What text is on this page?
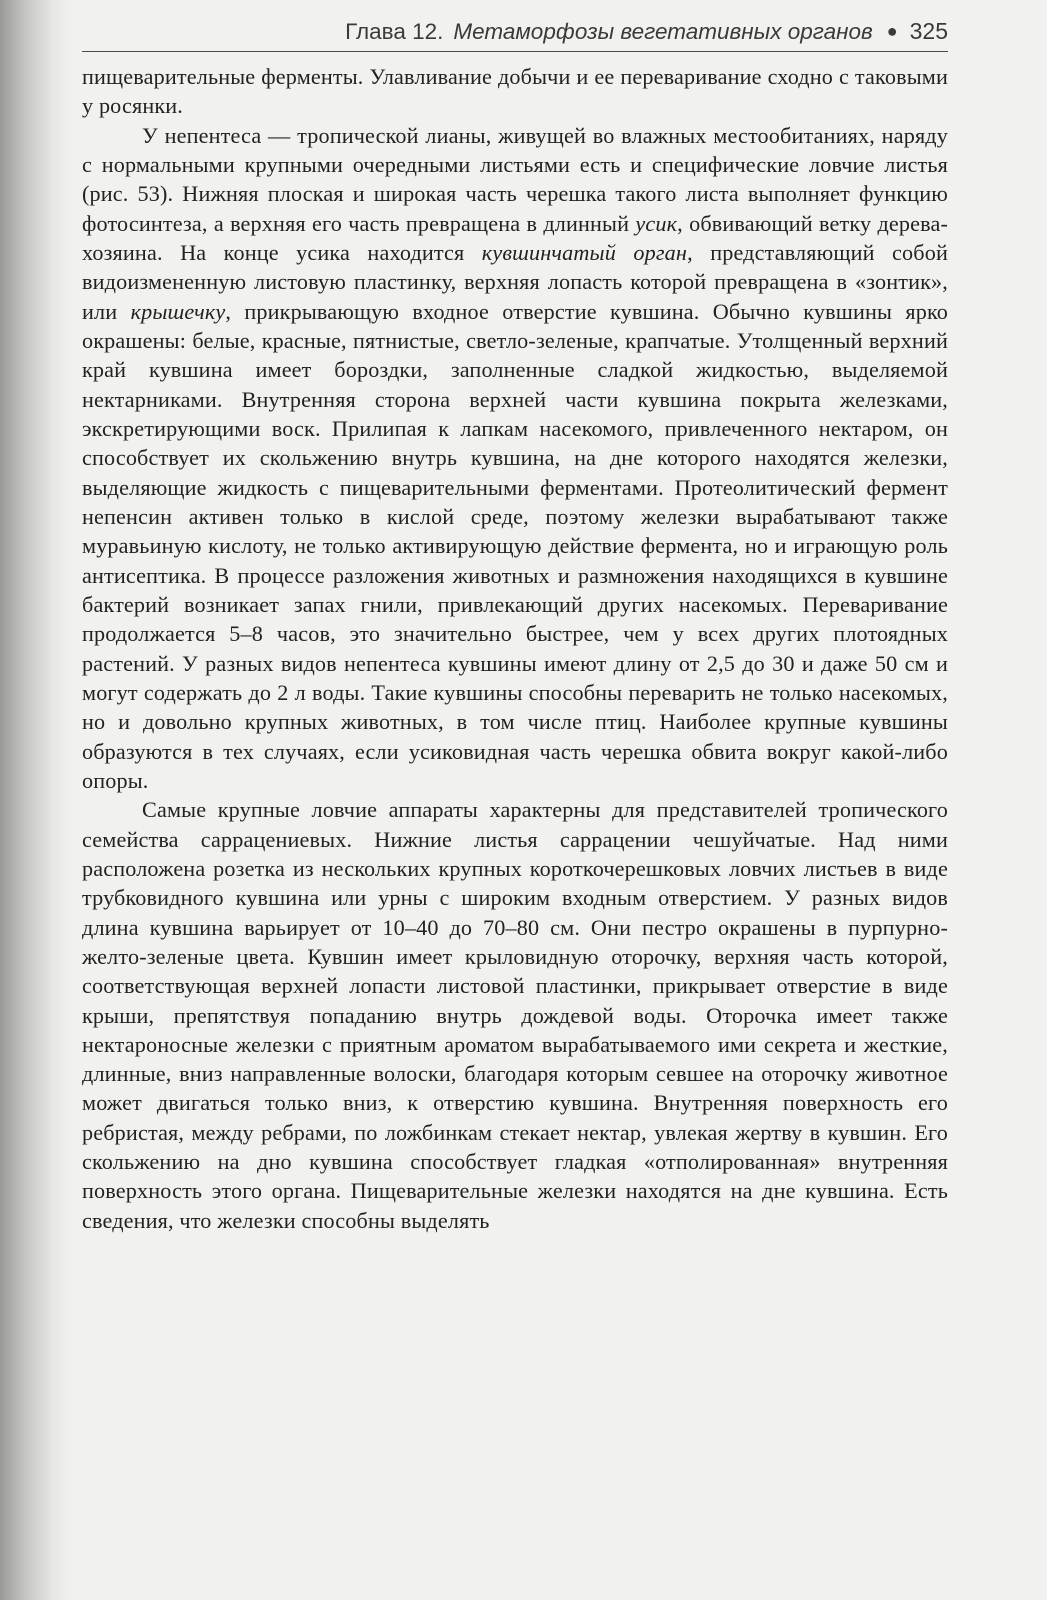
Глава 12. Метаморфозы вегетативных органов ● 325

пищеварительные ферменты. Улавливание добычи и ее переваривание сходно с таковыми у росянки.

У непентеса — тропической лианы, живущей во влажных местообитаниях, наряду с нормальными крупными очередными листьями есть и специфические ловчие листья (рис. 53). Нижняя плоская и широкая часть черешка такого листа выполняет функцию фотосинтеза, а верхняя его часть превращена в длинный усик, обвивающий ветку дерева-хозяина. На конце усика находится кувшинчатый орган, представляющий собой видоизмененную листовую пластинку, верхняя лопасть которой превращена в «зонтик», или крышечку, прикрывающую входное отверстие кувшина. Обычно кувшины ярко окрашены: белые, красные, пятнистые, светло-зеленые, крапчатые. Утолщенный верхний край кувшина имеет бороздки, заполненные сладкой жидкостью, выделяемой нектарниками. Внутренняя сторона верхней части кувшина покрыта железками, экскретирующими воск. Прилипая к лапкам насекомого, привлеченного нектаром, он способствует их скольжению внутрь кувшина, на дне которого находятся железки, выделяющие жидкость с пищеварительными ферментами. Протеолитический фермент непенсин активен только в кислой среде, поэтому железки вырабатывают также муравьиную кислоту, не только активирующую действие фермента, но и играющую роль антисептика. В процессе разложения животных и размножения находящихся в кувшине бактерий возникает запах гнили, привлекающий других насекомых. Переваривание продолжается 5–8 часов, это значительно быстрее, чем у всех других плотоядных растений. У разных видов непентеса кувшины имеют длину от 2,5 до 30 и даже 50 см и могут содержать до 2 л воды. Такие кувшины способны переварить не только насекомых, но и довольно крупных животных, в том числе птиц. Наиболее крупные кувшины образуются в тех случаях, если усиковидная часть черешка обвита вокруг какой-либо опоры.

Самые крупные ловчие аппараты характерны для представителей тропического семейства саррацениевых. Нижние листья саррацении чешуйчатые. Над ними расположена розетка из нескольких крупных короткочерешковых ловчих листьев в виде трубковидного кувшина или урны с широким входным отверстием. У разных видов длина кувшина варьирует от 10–40 до 70–80 см. Они пестро окрашены в пурпурно-желто-зеленые цвета. Кувшин имеет крыловидную оторочку, верхняя часть которой, соответствующая верхней лопасти листовой пластинки, прикрывает отверстие в виде крыши, препятствуя попаданию внутрь дождевой воды. Оторочка имеет также нектароносные железки с приятным ароматом вырабатываемого ими секрета и жесткие, длинные, вниз направленные волоски, благодаря которым севшее на оторочку животное может двигаться только вниз, к отверстию кувшина. Внутренняя поверхность его ребристая, между ребрами, по ложбинкам стекает нектар, увлекая жертву в кувшин. Его скольжению на дно кувшина способствует гладкая «отполированная» внутренняя поверхность этого органа. Пищеварительные железки находятся на дне кувшина. Есть сведения, что железки способны выделять
